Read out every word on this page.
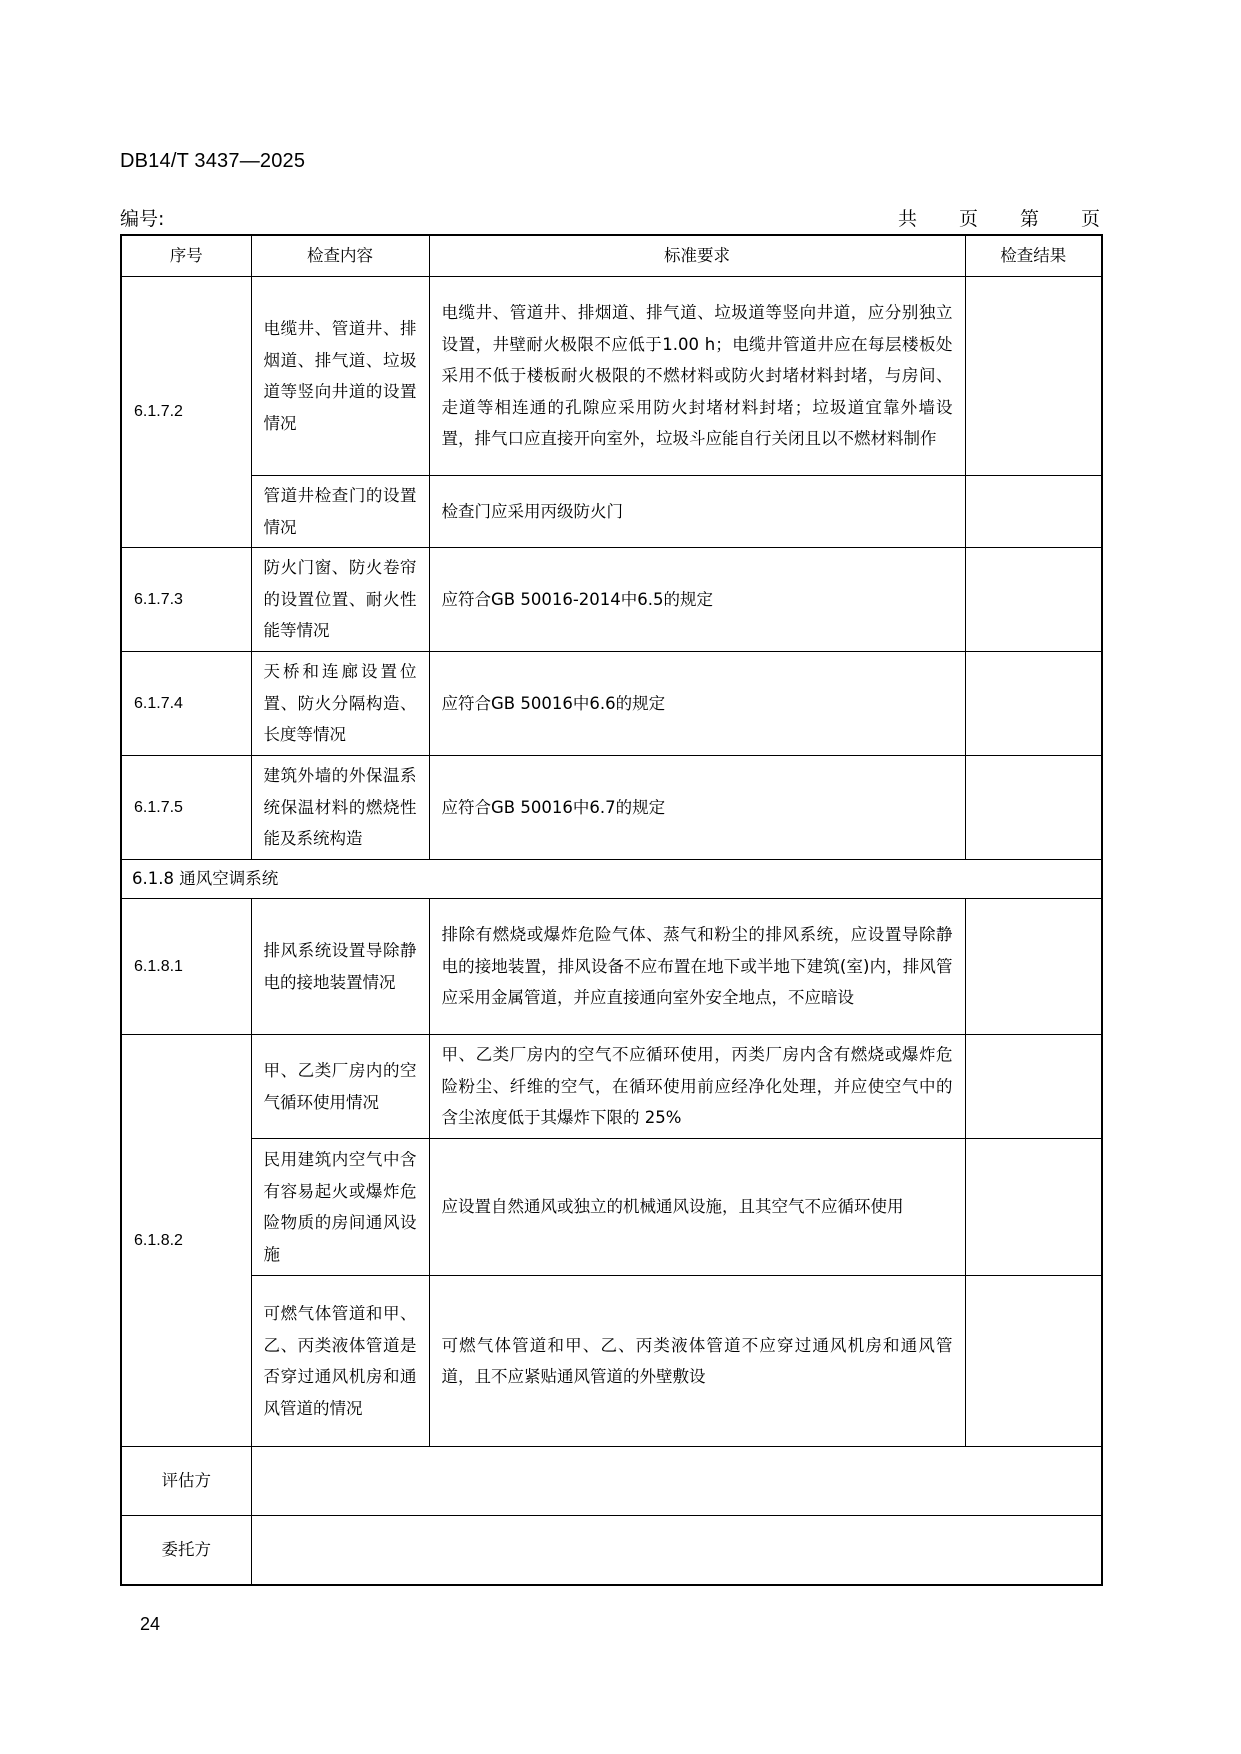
DB14/T 3437—2025
编号:	共 页 第 页
序号	检查内容	标准要求	检查结果
6.1.7.2	电缆井、管道井、排烟道、排气道、垃圾道等竖向井道的设置情况	电缆井、管道井、排烟道、排气道、垃圾道等竖向井道，应分别独立设置，井壁耐火极限不应低于1.00 h；电缆井管道井应在每层楼板处采用不低于楼板耐火极限的不燃材料或防火封堵材料封堵，与房间、走道等相连通的孔隙应采用防火封堵材料封堵；垃圾道宜靠外墙设置，排气口应直接开向室外，垃圾斗应能自行关闭且以不燃材料制作	
	管道井检查门的设置情况	检查门应采用丙级防火门	
6.1.7.3	防火门窗、防火卷帘的设置位置、耐火性能等情况	应符合GB 50016-2014中6.5的规定	
6.1.7.4	天桥和连廊设置位置、防火分隔构造、长度等情况	应符合GB 50016中6.6的规定	
6.1.7.5	建筑外墙的外保温系统保温材料的燃烧性能及系统构造	应符合GB 50016中6.7的规定	
6.1.8 通风空调系统			
6.1.8.1	排风系统设置导除静电的接地装置情况	排除有燃烧或爆炸危险气体、蒸气和粉尘的排风系统，应设置导除静电的接地装置，排风设备不应布置在地下或半地下建筑(室)内，排风管应采用金属管道，并应直接通向室外安全地点，不应暗设	
6.1.8.2	甲、乙类厂房内的空气循环使用情况	甲、乙类厂房内的空气不应循环使用，丙类厂房内含有燃烧或爆炸危险粉尘、纤维的空气，在循环使用前应经净化处理，并应使空气中的含尘浓度低于其爆炸下限的 25%	
	民用建筑内空气中含有容易起火或爆炸危险物质的房间通风设施	应设置自然通风或独立的机械通风设施，且其空气不应循环使用	
	可燃气体管道和甲、乙、丙类液体管道是否穿过通风机房和通风管道的情况	可燃气体管道和甲、乙、丙类液体管道不应穿过通风机房和通风管道，且不应紧贴通风管道的外壁敷设	
评估方			
委托方			
24
